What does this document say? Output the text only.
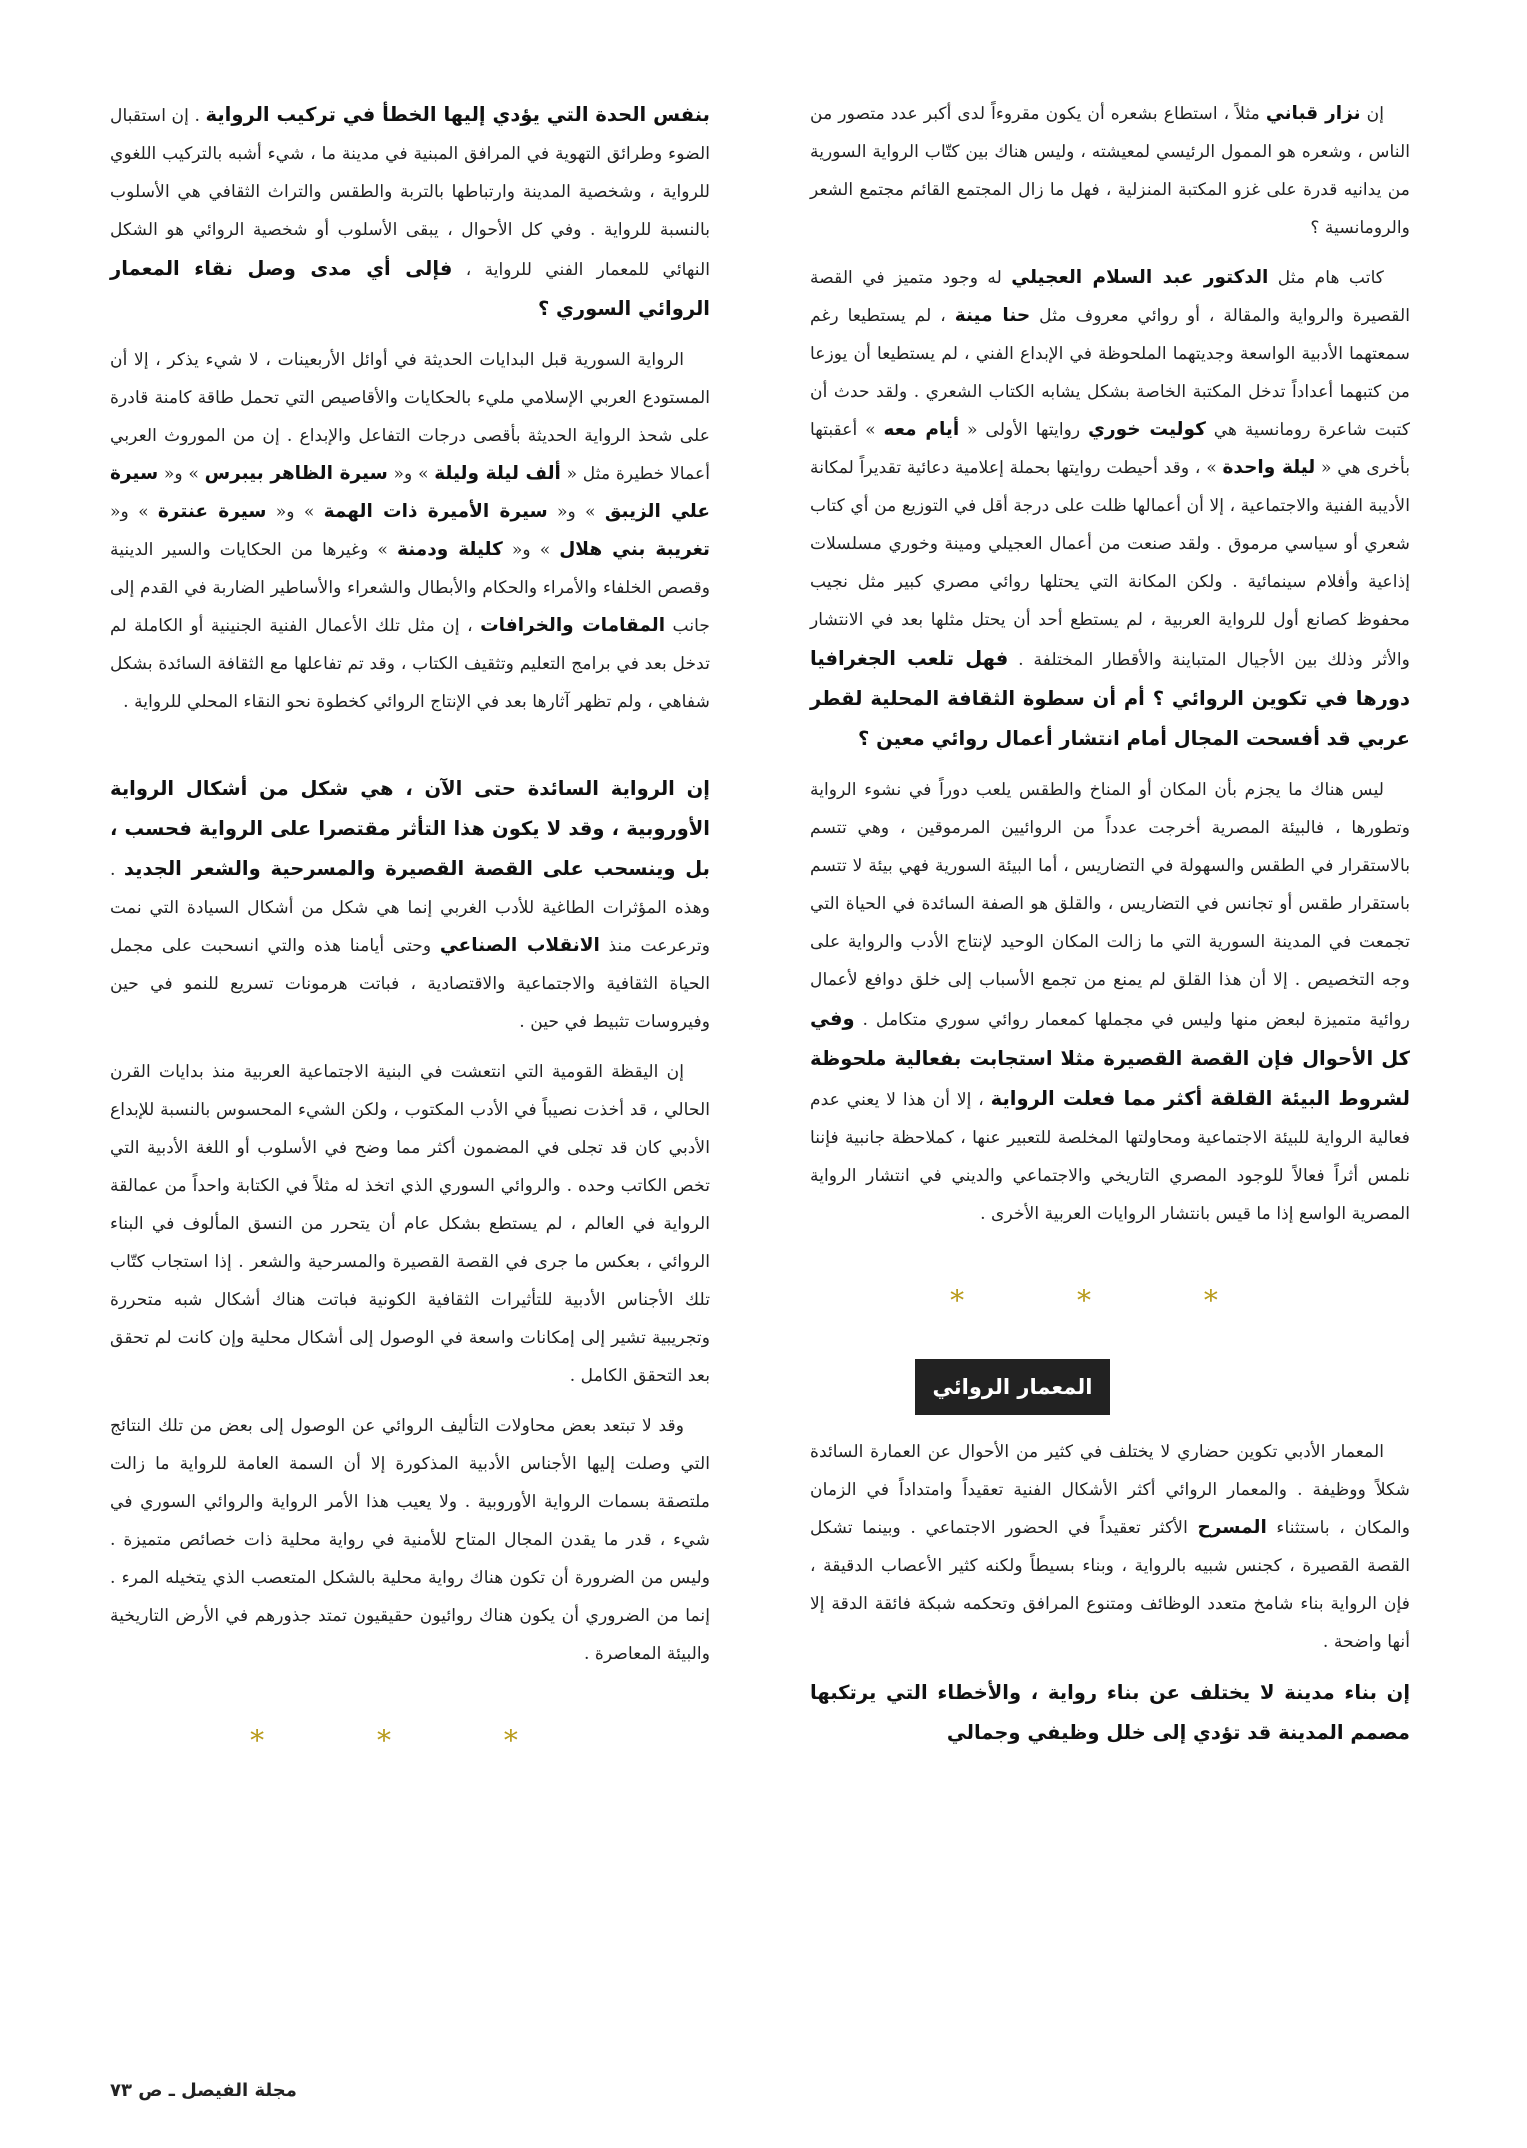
إن نزار قباني مثلاً ، استطاع بشعره أن يكون مقروءاً لدى أكبر عدد متصور من الناس ، وشعره هو الممول الرئيسي لمعيشته ، وليس هناك بين كتّاب الرواية السورية من يدانيه قدرة على غزو المكتبة المنزلية ، فهل ما زال المجتمع القائم مجتمع الشعر والرومانسية ؟

كاتب هام مثل الدكتور عبد السلام العجيلي له وجود متميز في القصة القصيرة والرواية والمقالة ، أو روائي معروف مثل حنا مينة ، لم يستطيعا رغم سمعتهما الأدبية الواسعة وجديتهما الملحوظة في الإبداع الفني ، لم يستطيعا أن يوزعا من كتبهما أعداداً تدخل المكتبة الخاصة بشكل يشابه الكتاب الشعري . ولقد حدث أن كتبت شاعرة رومانسية هي كوليت خوري روايتها الأولى « أيام معه » أعقبتها بأخرى هي « ليلة واحدة » ، وقد أحيطت روايتها بحملة إعلامية دعائية تقديراً لمكانة الأديبة الفنية والاجتماعية ، إلا أن أعمالها ظلت على درجة أقل في التوزيع من أي كتاب شعري أو سياسي مرموق . ولقد صنعت من أعمال العجيلي ومينة وخوري مسلسلات إذاعية وأفلام سينمائية . ولكن المكانة التي يحتلها روائي مصري كبير مثل نجيب محفوظ كصانع أول للرواية العربية ، لم يستطع أحد أن يحتل مثلها بعد في الانتشار والأثر وذلك بين الأجيال المتباينة والأقطار المختلفة . فهل تلعب الجغرافيا دورها في تكوين الروائي ؟ أم أن سطوة الثقافة المحلية لقطر عربي قد أفسحت المجال أمام انتشار أعمال روائي معين ؟

ليس هناك ما يجزم بأن المكان أو المناخ والطقس يلعب دوراً في نشوء الرواية وتطورها ، فالبيئة المصرية أخرجت عدداً من الروائيين المرموقين ، وهي تتسم بالاستقرار في الطقس والسهولة في التضاريس ، أما البيئة السورية فهي بيئة لا تتسم باستقرار طقس أو تجانس في التضاريس ، والقلق هو الصفة السائدة في الحياة التي تجمعت في المدينة السورية التي ما زالت المكان الوحيد لإنتاج الأدب والرواية على وجه التخصيص . إلا أن هذا القلق لم يمنع من تجمع الأسباب إلى خلق دوافع لأعمال روائية متميزة لبعض منها وليس في مجملها كمعمار روائي سوري متكامل . وفي كل الأحوال فإن القصة القصيرة مثلا استجابت بفعالية ملحوظة لشروط البيئة القلقة أكثر مما فعلت الرواية ، إلا أن هذا لا يعني عدم فعالية الرواية للبيئة الاجتماعية ومحاولتها المخلصة للتعبير عنها ، كملاحظة جانبية فإننا نلمس أثراً فعالاً للوجود المصري التاريخي والاجتماعي والديني في انتشار الرواية المصرية الواسع إذا ما قيس بانتشار الروايات العربية الأخرى .

* * *
المعمار الروائي

المعمار الأدبي تكوين حضاري لا يختلف في كثير من الأحوال عن العمارة السائدة شكلاً ووظيفة . والمعمار الروائي أكثر الأشكال الفنية تعقيداً وامتداداً في الزمان والمكان ، باستثناء المسرح الأكثر تعقيداً في الحضور الاجتماعي . وبينما تشكل القصة القصيرة ، كجنس شبيه بالرواية ، وبناء بسيطاً ولكنه كثير الأعصاب الدقيقة ، فإن الرواية بناء شامخ متعدد الوظائف ومتنوع المرافق وتحكمه شبكة فائقة الدقة إلا أنها واضحة .

إن بناء مدينة لا يختلف عن بناء رواية ، والأخطاء التي يرتكبها مصمم المدينة قد تؤدي إلى خلل وظيفي وجمالي

بنفس الحدة التي يؤدي إليها الخطأ في تركيب الرواية . إن استقبال الضوء وطرائق التهوية في المرافق المبنية في مدينة ما ، شيء أشبه بالتركيب اللغوي للرواية ، وشخصية المدينة وارتباطها بالتربة والطقس والتراث الثقافي هي الأسلوب بالنسبة للرواية . وفي كل الأحوال ، يبقى الأسلوب أو شخصية الروائي هو الشكل النهائي للمعمار الفني للرواية ، فإلى أي مدى وصل نقاء المعمار الروائي السوري ؟

الرواية السورية قبل البدايات الحديثة في أوائل الأربعينات ، لا شيء يذكر ، إلا أن المستودع العربي الإسلامي مليء بالحكايات والأقاصيص التي تحمل طاقة كامنة قادرة على شحذ الرواية الحديثة بأقصى درجات التفاعل والإبداع . إن من الموروث العربي أعمالا خطيرة مثل « ألف ليلة وليلة » و« سيرة الظاهر بيبرس » و« سيرة علي الزيبق » و« سيرة الأميرة ذات الهمة » و« سيرة عنترة » و« تغريبة بني هلال » و« كليلة ودمنة » وغيرها من الحكايات والسير الدينية وقصص الخلفاء والأمراء والحكام والأبطال والشعراء والأساطير الضاربة في القدم إلى جانب المقامات والخرافات ، إن مثل تلك الأعمال الفنية الجنينية أو الكاملة لم تدخل بعد في برامج التعليم وتثقيف الكتاب ، وقد تم تفاعلها مع الثقافة السائدة بشكل شفاهي ، ولم تظهر آثارها بعد في الإنتاج الروائي كخطوة نحو النقاء المحلي للرواية .

إن الرواية السائدة حتى الآن ، هي شكل من أشكال الرواية الأوروبية ، وقد لا يكون هذا التأثر مقتصرا على الرواية فحسب ، بل وينسحب على القصة القصيرة والمسرحية والشعر الجديد . وهذه المؤثرات الطاغية للأدب الغربي إنما هي شكل من أشكال السيادة التي نمت وترعرعت منذ الانقلاب الصناعي وحتى أيامنا هذه والتي انسحبت على مجمل الحياة الثقافية والاجتماعية والاقتصادية ، فباتت هرمونات تسريع للنمو في حين وفيروسات تثبيط في حين .

إن اليقظة القومية التي انتعشت في البنية الاجتماعية العربية منذ بدايات القرن الحالي ، قد أخذت نصيباً في الأدب المكتوب ، ولكن الشيء المحسوس بالنسبة للإبداع الأدبي كان قد تجلى في المضمون أكثر مما وضح في الأسلوب أو اللغة الأدبية التي تخص الكاتب وحده . والروائي السوري الذي اتخذ له مثلاً في الكتابة واحداً من عمالقة الرواية في العالم ، لم يستطع بشكل عام أن يتحرر من النسق المألوف في البناء الروائي ، بعكس ما جرى في القصة القصيرة والمسرحية والشعر . إذا استجاب كتّاب تلك الأجناس الأدبية للتأثيرات الثقافية الكونية فباتت هناك أشكال شبه متحررة وتجريبية تشير إلى إمكانات واسعة في الوصول إلى أشكال محلية وإن كانت لم تحقق بعد التحقق الكامل .

وقد لا تبتعد بعض محاولات التأليف الروائي عن الوصول إلى بعض من تلك النتائج التي وصلت إليها الأجناس الأدبية المذكورة إلا أن السمة العامة للرواية ما زالت ملتصقة بسمات الرواية الأوروبية . ولا يعيب هذا الأمر الرواية والروائي السوري في شيء ، قدر ما يقدن المجال المتاح للأمنية في رواية محلية ذات خصائص متميزة . وليس من الضرورة أن تكون هناك رواية محلية بالشكل المتعصب الذي يتخيله المرء . إنما من الضروري أن يكون هناك روائيون حقيقيون تمتد جذورهم في الأرض التاريخية والبيئة المعاصرة .

* * *
مجلة الفيصل ـ ص ٧٣
